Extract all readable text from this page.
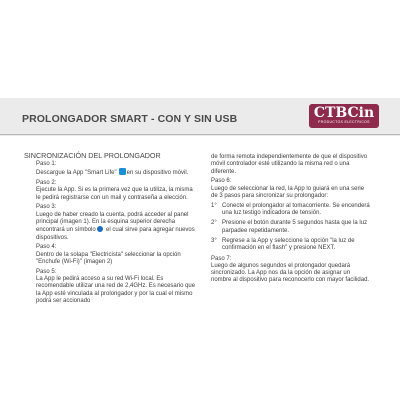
PROLONGADOR SMART - CON Y SIN USB	CTBCin
PRODUCTOS ELECTRICOS
SINCRONIZACIÓN DEL PROLONGADOR
Paso 1:

Descargue la App "Smart Life" en su dispositivo móvil.

Paso 2:

Ejecute la App. Si es la primera vez que la utiliza, la misma le pedirá registrarse con un mail y contraseña a elección.

Paso 3:

Luego de haber creado la cuenta, podrá acceder al panel principal (imagen 1). En la esquina superior derecha encontrará un símbolo el cual sirve para agregar nuevos dispositivos.

Paso 4:

Dentro de la solapa "Electricista" seleccionar la opción "Enchufe (Wi-Fi)" (imagen 2)

Paso 5:

La App le pedirá acceso a su red Wi-Fi local. Es recomendable utilizar una red de 2,4GHz. Es necesario que la App esté vinculada al prolongador y por la cual el mismo podrá ser accionado

de forma remota independientemente de que el dispositivo móvil controlador esté utilizando la misma red o una diferente.

Paso 6:

Luego de seleccionar la red, la App lo guiará en una serie de 3 pasos para sincronizar su prolongador:

1° Conecte el prolongador al tomacorriente. Se encenderá una luz testigo indicadora de tensión.
2° Presione el botón durante 5 segundos hasta que la luz parpadee repetidamente.
3° Regrese a la App y seleccione la opción "la luz de confirmación en el flash" y presione NEXT.
Paso 7:

Luego de algunos segundos el prolongador quedará sincronizado. La App nos da la opción de asignar un nombre al dispositivo para reconocerlo con mayor facilidad.
